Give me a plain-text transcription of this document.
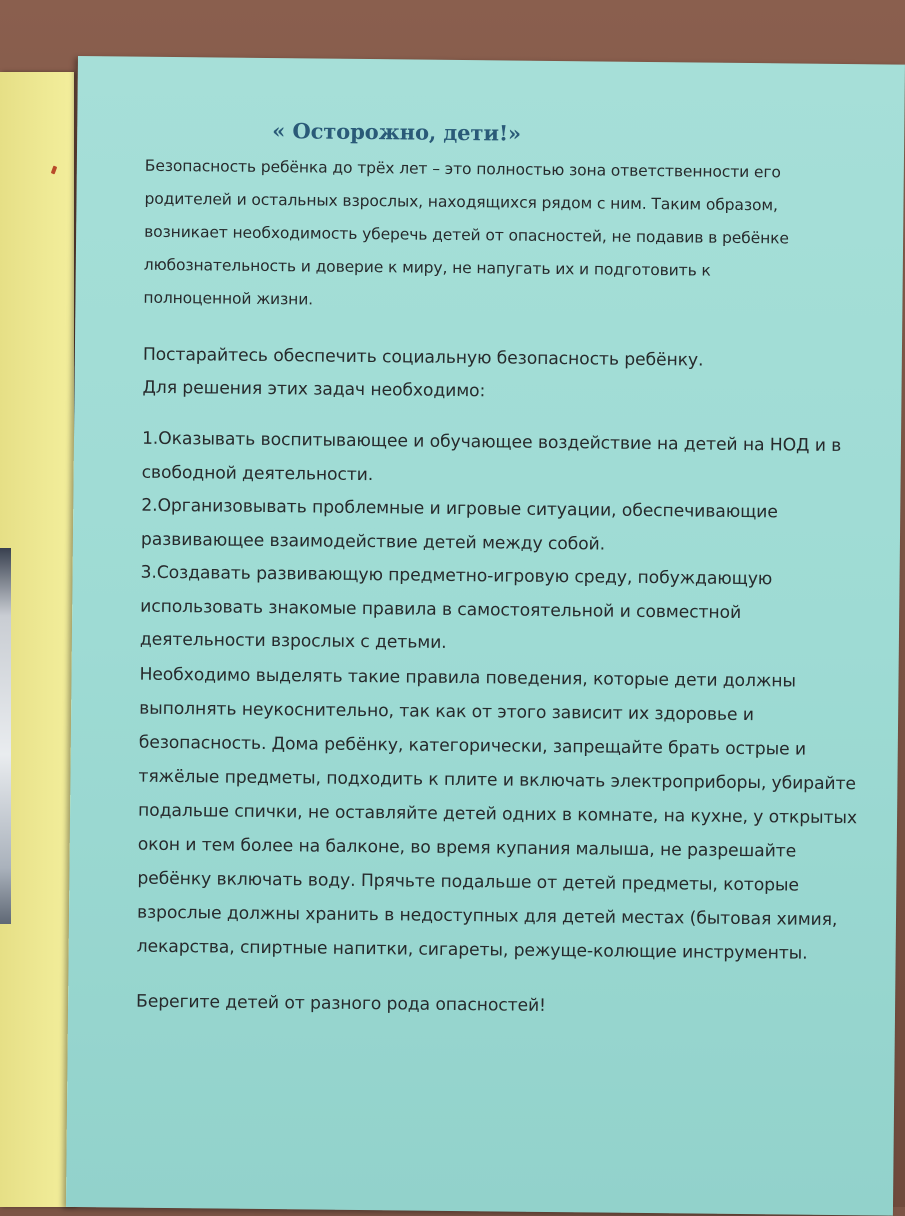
« Осторожно, дети!»

Безопасность ребёнка до трёх лет – это полностью зона ответственности его родителей и остальных взрослых, находящихся рядом с ним. Таким образом, возникает необходимость уберечь детей от опасностей, не подавив в ребёнке любознательность и доверие к миру, не напугать их и подготовить к полноценной жизни.

Постарайтесь обеспечить социальную безопасность ребёнку.

Для решения этих задач необходимо:

1.Оказывать воспитывающее и обучающее воздействие на детей на НОД и в свободной деятельности.

2.Организовывать проблемные и игровые ситуации, обеспечивающие развивающее взаимодействие детей между собой.

3.Создавать развивающую предметно-игровую среду, побуждающую использовать знакомые правила в самостоятельной и совместной деятельности взрослых с детьми.

Необходимо выделять такие правила поведения, которые дети должны выполнять неукоснительно, так как от этого зависит их здоровье и безопасность. Дома ребёнку, категорически, запрещайте брать острые и тяжёлые предметы, подходить к плите и включать электроприборы, убирайте подальше спички, не оставляйте детей одних в комнате, на кухне, у открытых окон и тем более на балконе, во время купания малыша, не разрешайте ребёнку включать воду. Прячьте подальше от детей предметы, которые взрослые должны хранить в недоступных для детей местах (бытовая химия, лекарства, спиртные напитки, сигареты, режуще-колющие инструменты.

Берегите детей от разного рода опасностей!
